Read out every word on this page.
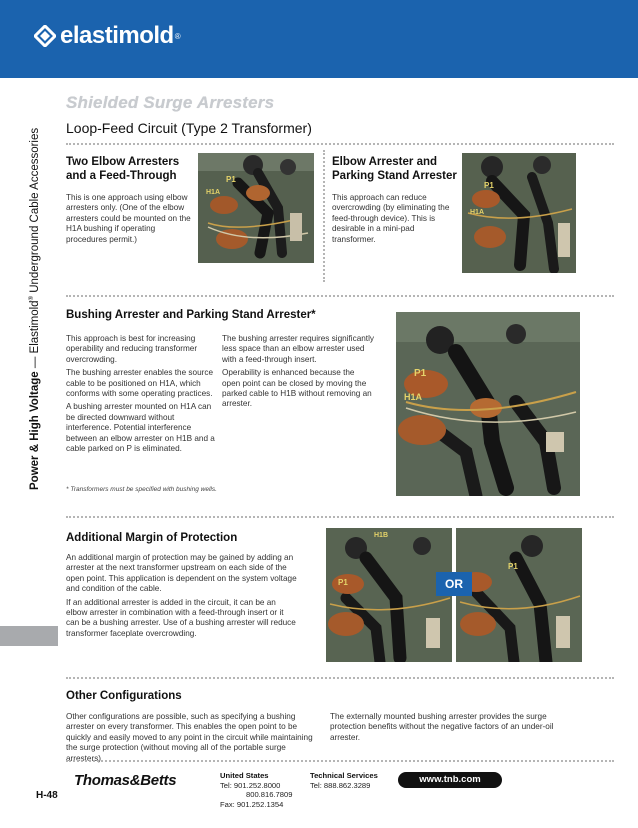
elastimold ®
Power & High Voltage — Elastimold® Underground Cable Accessories
Shielded Surge Arresters
Loop-Feed Circuit (Type 2 Transformer)
Two Elbow Arresters
and a Feed-Through
This is one approach using elbow arresters only. (One of the elbow arresters could be mounted on the H1A bushing if operating procedures permit.)
P1
H1A
Elbow Arrester and
Parking Stand Arrester
This approach can reduce overcrowding (by eliminating the feed-through device). This is desirable in a mini-pad transformer.
P1
H1A
Bushing Arrester and Parking Stand Arrester*

This approach is best for increasing operability and reducing transformer overcrowding.

The bushing arrester enables the source cable to be positioned on H1A, which conforms with some operating practices.

A bushing arrester mounted on H1A can be directed downward without interference. Potential interference between an elbow arrester on H1B and a cable parked on P is eliminated.

The bushing arrester requires significantly less space than an elbow arrester used with a feed-through insert.

Operability is enhanced because the open point can be closed by moving the parked cable to H1B without removing an arrester.

* Transformers must be specified with bushing wells.
P1
H1A
Additional Margin of Protection

An additional margin of protection may be gained by adding an arrester at the next transformer upstream on each side of the open point. This application is dependent on the system voltage and condition of the cable.

If an additional arrester is added in the circuit, it can be an elbow arrester in combination with a feed-through insert or it can be a bushing arrester. Use of a bushing arrester will reduce transformer faceplate overcrowding.

H1B
P1
P1
OR
Other Configurations
Other configurations are possible, such as specifying a bushing arrester on every transformer. This enables the open point to be quickly and easily moved to any point in the circuit while maintaining the surge protection (without moving all of the portable surge arresters).
The externally mounted bushing arrester provides the surge protection benefits without the negative factors of an under-oil arrester.
H-48
Thomas&Betts	United States
Tel: 901.252.8000
800.816.7809
Fax: 901.252.1354
Technical Services
Tel: 888.862.3289
www.tnb.com
